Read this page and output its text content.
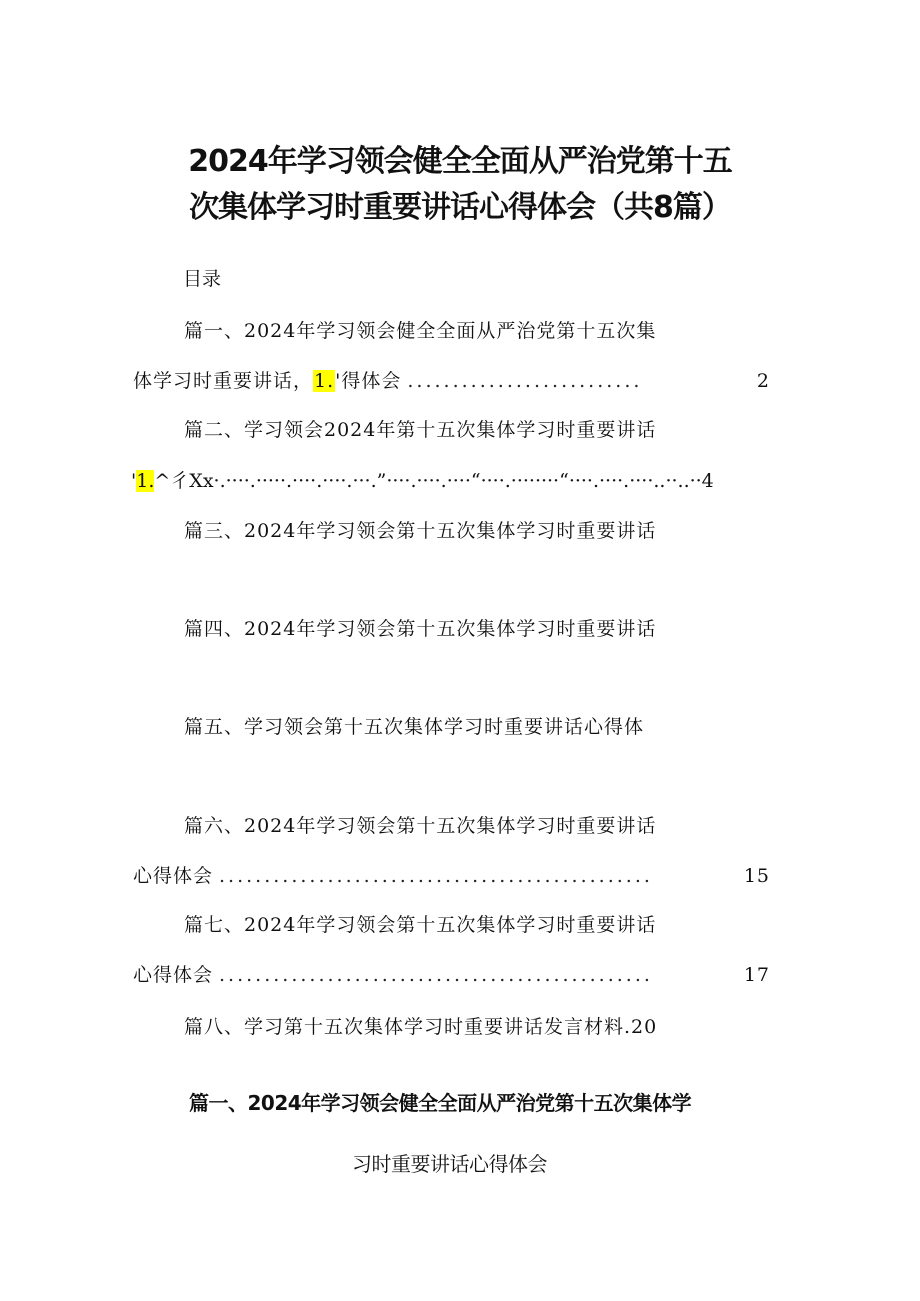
2024年学习领会健全全面从严治党第十五
次集体学习时重要讲话心得体会（共8篇）
目录
篇一、2024年学习领会健全全面从严治党第十五次集
体学习时重要讲话，1.'得体会 ..........................	2
篇二、学习领会2024年第十五次集体学习时重要讲话
'1.^彳Xx·.····.·····.····.····.···.”····.····.····“····.········“····.····.····..··..··4
篇三、2024年学习领会第十五次集体学习时重要讲话
篇四、2024年学习领会第十五次集体学习时重要讲话
篇五、学习领会第十五次集体学习时重要讲话心得体
篇六、2024年学习领会第十五次集体学习时重要讲话
心得体会 ................................................	15
篇七、2024年学习领会第十五次集体学习时重要讲话
心得体会 ................................................	17
篇八、学习第十五次集体学习时重要讲话发言材料.20
篇一、2024年学习领会健全全面从严治党第十五次集体学
习时重要讲话心得体会
